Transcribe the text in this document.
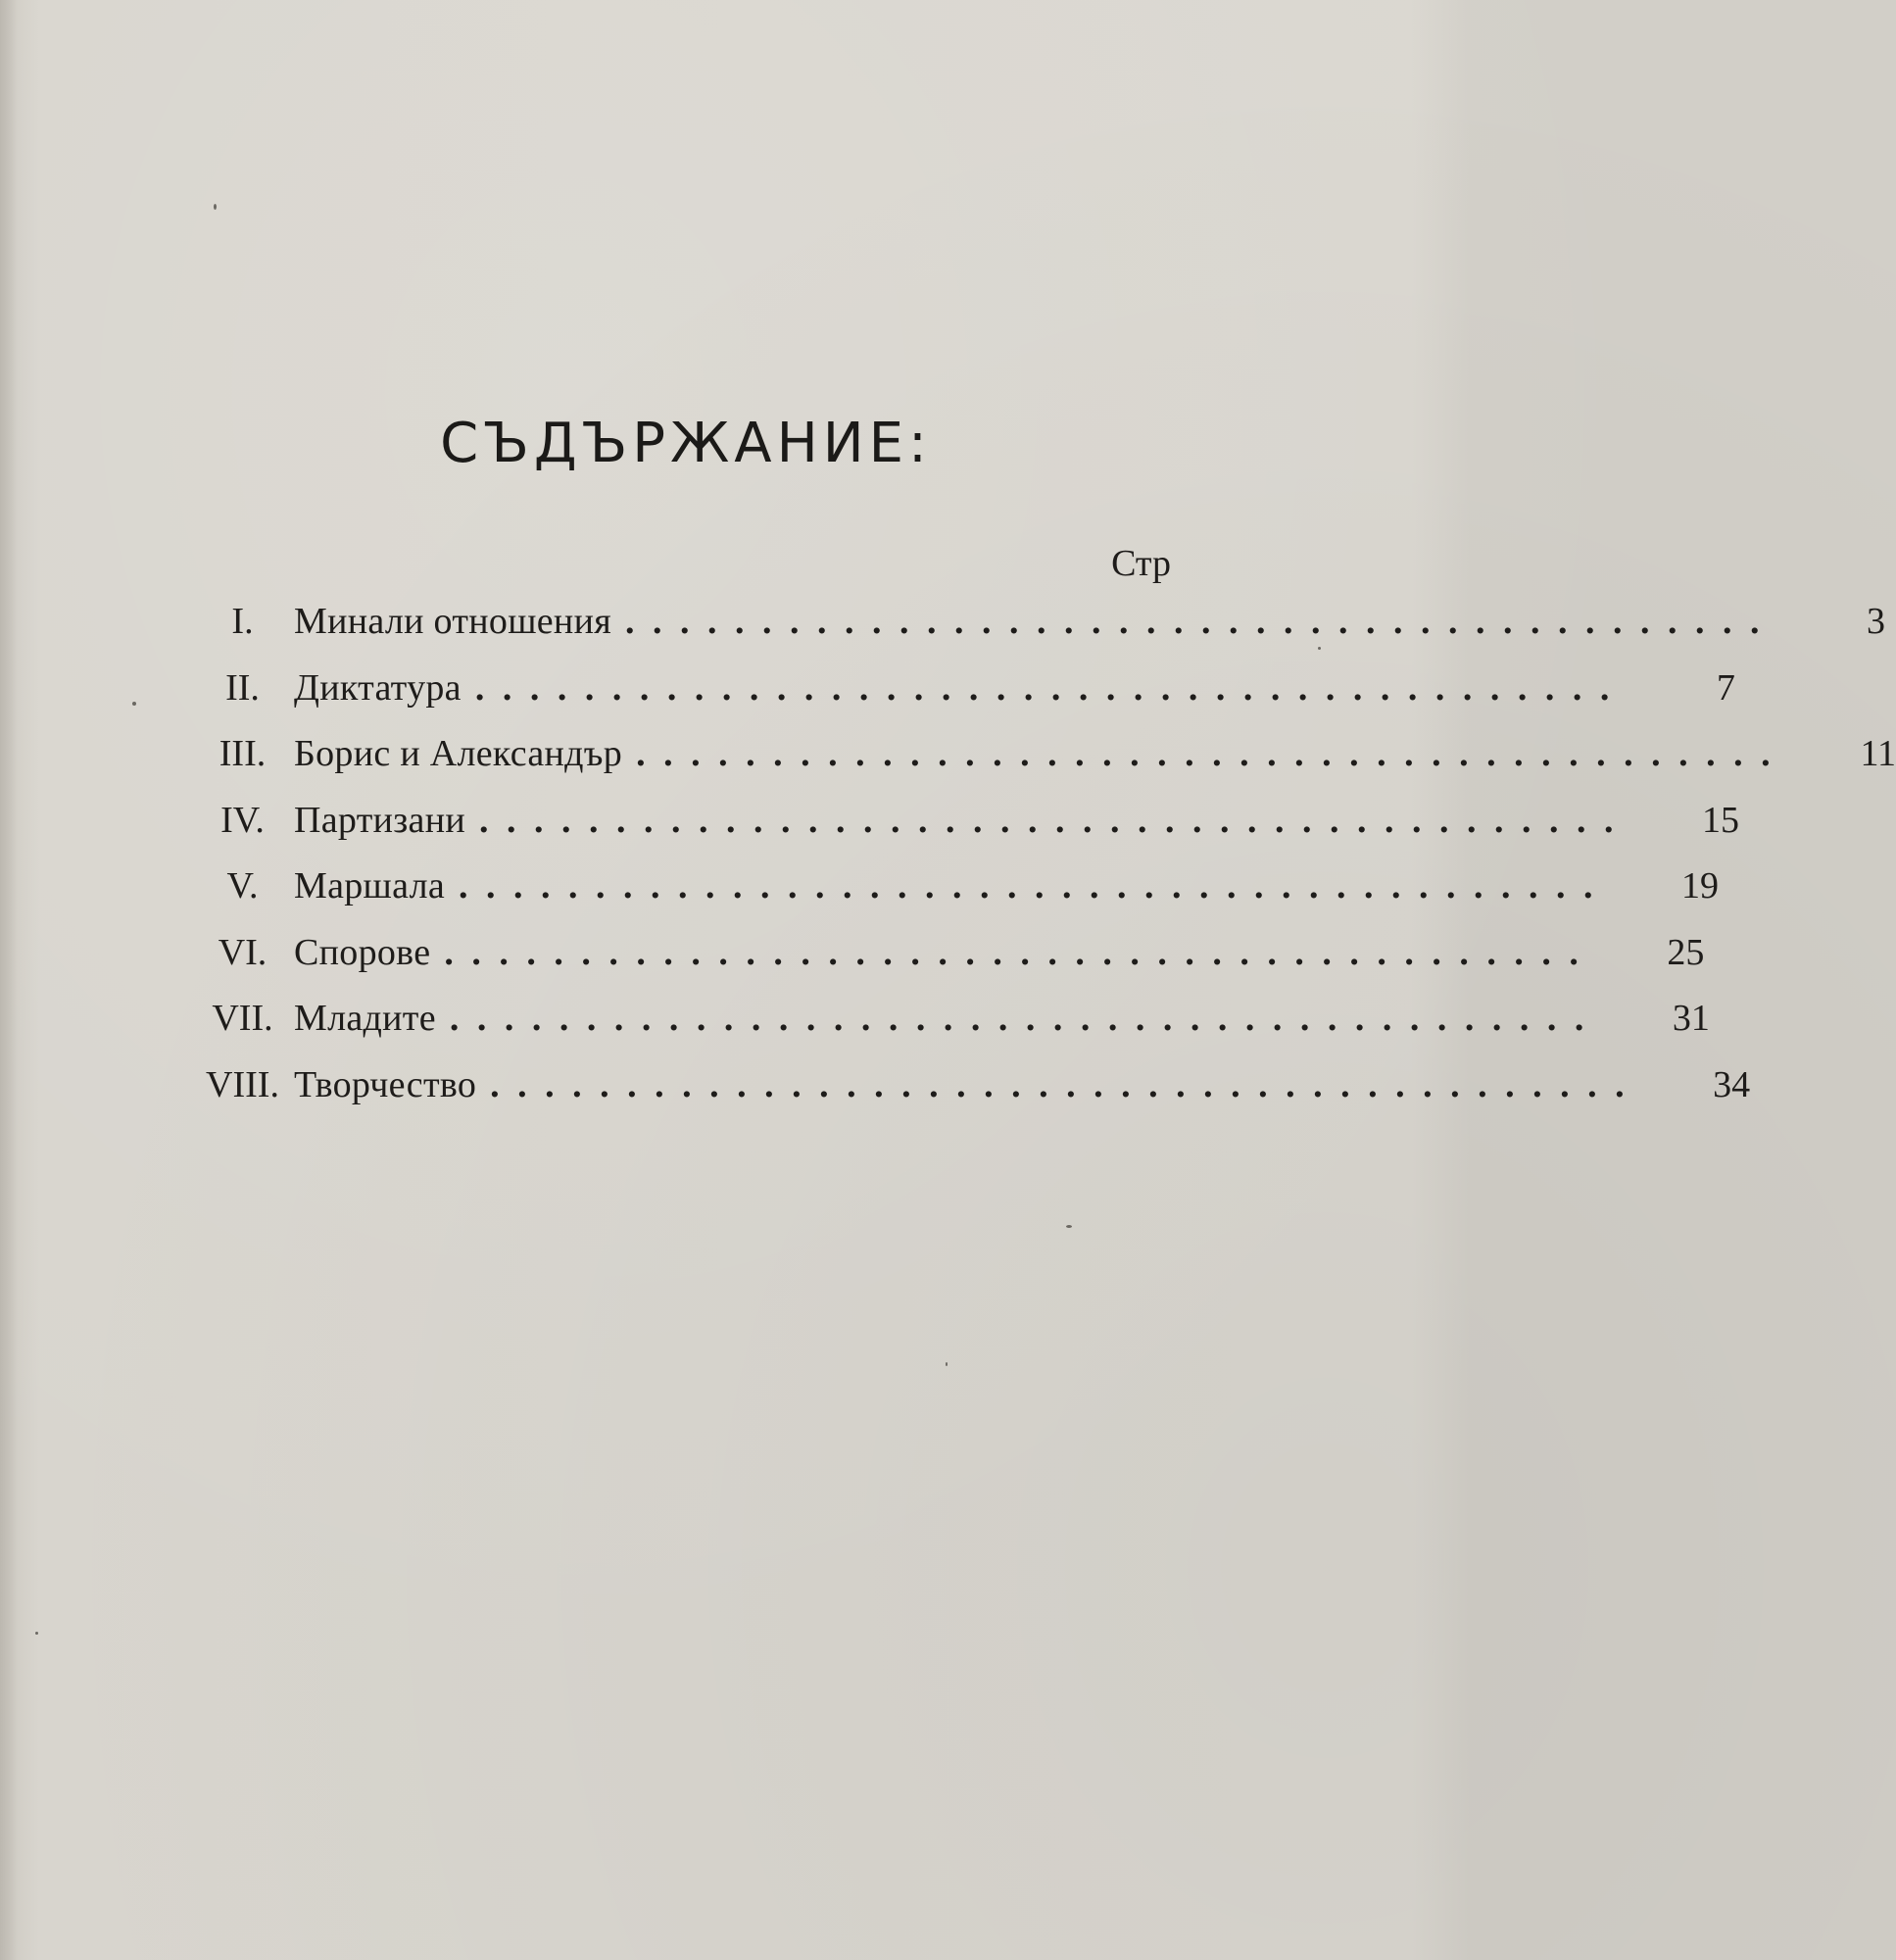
СЪДЪРЖАНИЕ:
Стр
I.	Минали отношения ..........................................	3
II. Диктатура ..........................................	7
III. Борис и Александър ..........................................	11
IV. Партизани ..........................................	15
V. Маршала ..........................................	19
VI. Спорове ..........................................	25
VII. Младите ..........................................	31
VIII. Творчество ..........................................	34
